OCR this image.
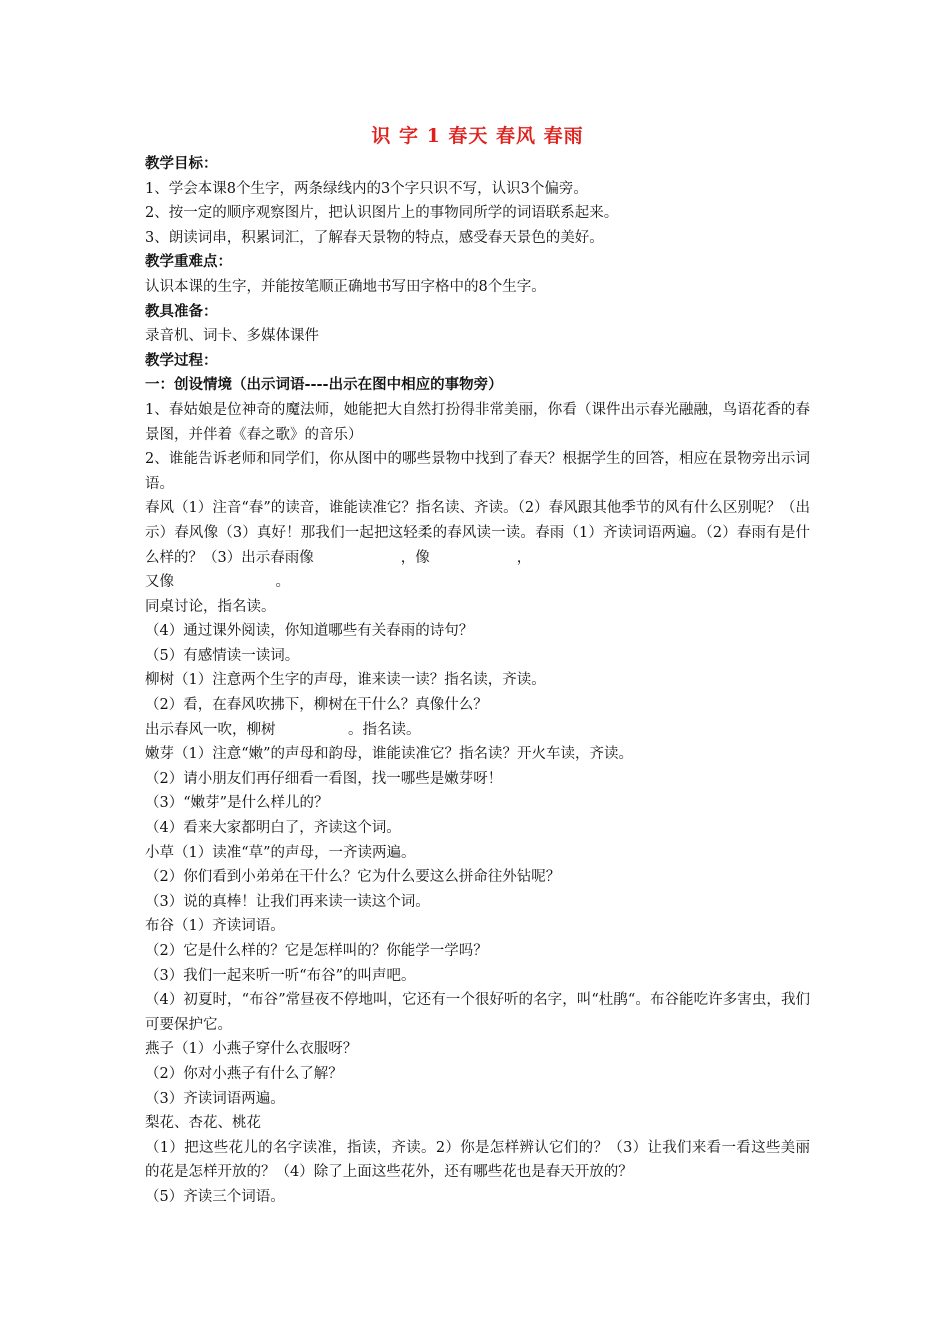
识 字 1 春天 春风 春雨

教学目标：

1、学会本课8个生字，两条绿线内的3个字只识不写，认识3个偏旁。

2、按一定的顺序观察图片，把认识图片上的事物同所学的词语联系起来。

3、朗读词串，积累词汇，了解春天景物的特点，感受春天景色的美好。

教学重难点：

认识本课的生字，并能按笔顺正确地书写田字格中的8个生字。

教具准备：

录音机、词卡、多媒体课件

教学过程：

一：创设情境（出示词语----出示在图中相应的事物旁）

1、春姑娘是位神奇的魔法师，她能把大自然打扮得非常美丽，你看（课件出示春光融融，鸟语花香的春景图，并伴着《春之歌》的音乐）

2、谁能告诉老师和同学们，你从图中的哪些景物中找到了春天？根据学生的回答，相应在景物旁出示词语。

春风（1）注音“春”的读音，谁能读准它？指名读、齐读。（2）春风跟其他季节的风有什么区别呢？（出示）春风像（3）真好！那我们一起把这轻柔的春风读一读。春雨（1）齐读词语两遍。（2）春雨有是什么样的？（3）出示春雨像　　　　　　，像　　　　　　，

又像　　　　　　　。

同桌讨论，指名读。

（4）通过课外阅读，你知道哪些有关春雨的诗句？

（5）有感情读一读词。

柳树（1）注意两个生字的声母，谁来读一读？指名读，齐读。

（2）看，在春风吹拂下，柳树在干什么？真像什么？

出示春风一吹，柳树　　　　　。指名读。

嫩芽（1）注意“嫩”的声母和韵母，谁能读准它？指名读？开火车读，齐读。

（2）请小朋友们再仔细看一看图，找一哪些是嫩芽呀！

（3）“嫩芽”是什么样儿的？

（4）看来大家都明白了，齐读这个词。

小草（1）读准“草”的声母，一齐读两遍。

（2）你们看到小弟弟在干什么？它为什么要这么拼命往外钻呢？

（3）说的真棒！让我们再来读一读这个词。

布谷（1）齐读词语。

（2）它是什么样的？它是怎样叫的？你能学一学吗？

（3）我们一起来听一听“布谷”的叫声吧。

（4）初夏时，“布谷”常昼夜不停地叫，它还有一个很好听的名字，叫“杜鹃“。布谷能吃许多害虫，我们可要保护它。

燕子（1）小燕子穿什么衣服呀？

（2）你对小燕子有什么了解？

（3）齐读词语两遍。

梨花、杏花、桃花

（1）把这些花儿的名字读准，指读，齐读。2）你是怎样辨认它们的？（3）让我们来看一看这些美丽的花是怎样开放的？（4）除了上面这些花外，还有哪些花也是春天开放的？

（5）齐读三个词语。
